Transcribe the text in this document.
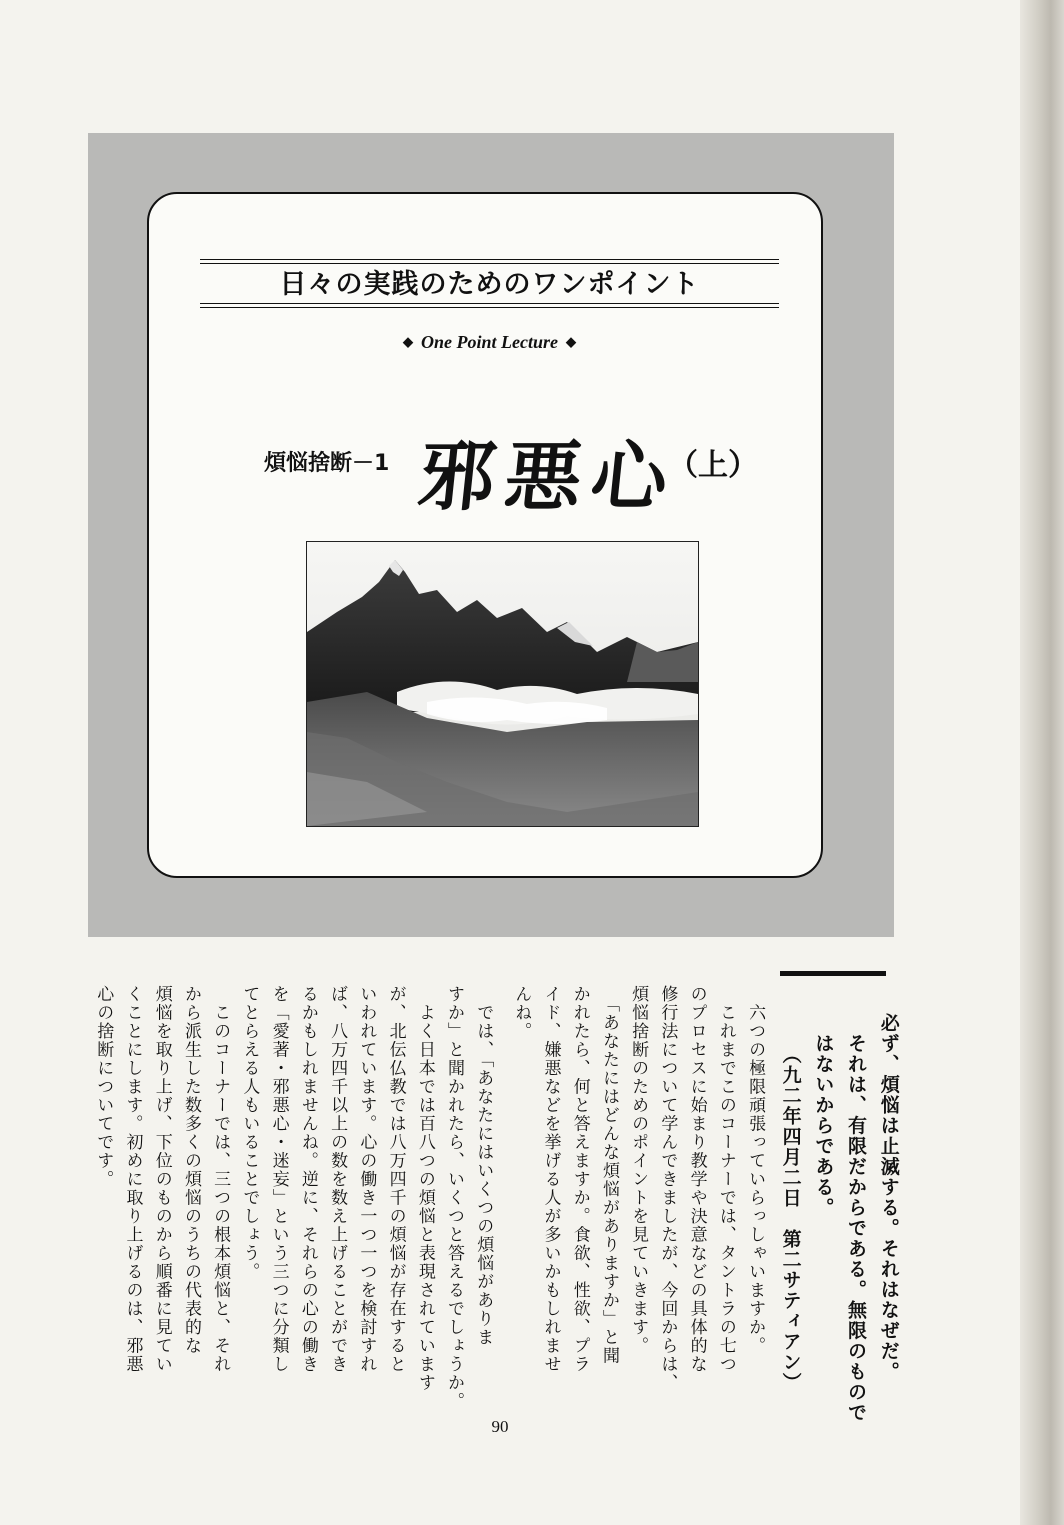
日々の実践のためのワンポイント
◆ One Point Lecture ◆
煩悩捨断－1 邪悪心
（上）
必ず、煩悩は止滅する。それはなぜだ。
　それは、有限だからである。無限のもので
　はないからである。
　　（九二年四月二日　第二サティアン）
　六つの極限頑張っていらっしゃいますか。
　これまでこのコーナーでは、タントラの七つ
のプロセスに始まり教学や決意などの具体的な
修行法について学んできましたが、今回からは、
煩悩捨断のためのポイントを見ていきます。
　「あなたにはどんな煩悩がありますか」と聞
かれたら、何と答えますか。食欲、性欲、プラ
イド、嫌悪などを挙げる人が多いかもしれませ
んね。
　では、「あなたにはいくつの煩悩がありま
すか」と聞かれたら、いくつと答えるでしょうか。
　よく日本では百八つの煩悩と表現されています
が、北伝仏教では八万四千の煩悩が存在すると
いわれています。心の働き一つ一つを検討すれ
ば、八万四千以上の数を数え上げることができ
るかもしれませんね。逆に、それらの心の働き
を「愛著・邪悪心・迷妄」という三つに分類し
てとらえる人もいることでしょう。
　このコーナーでは、三つの根本煩悩と、それ
から派生した数多くの煩悩のうちの代表的な
煩悩を取り上げ、下位のものから順番に見てい
くことにします。初めに取り上げるのは、邪悪
心の捨断についてです。
90
